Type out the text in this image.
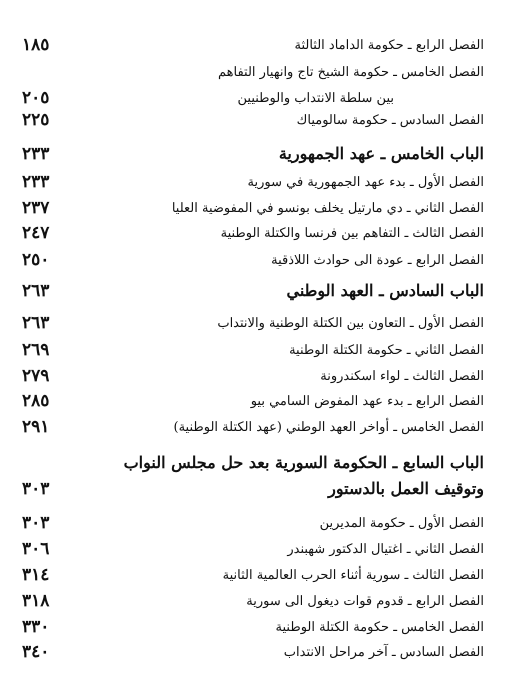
الفصل الرابع ـ حكومة الداماد الثالثة
١٨٥
الفصل الخامس ـ حكومة الشيخ تاج وانهيار التفاهم
بين سلطة الانتداب والوطنيين
٢٠٥
الفصل السادس ـ حكومة سالومياك
٢٢٥
الباب الخامس ـ عهد الجمهورية
٢٣٣
الفصل الأول ـ بدء عهد الجمهورية في سورية
٢٣٣
الفصل الثاني ـ دي مارتيل يخلف بونسو في المفوضية العليا
٢٣٧
الفصل الثالث ـ التفاهم بين فرنسا والكتلة الوطنية
٢٤٧
الفصل الرابع ـ عودة الى حوادث اللاذقية
٢٥٠
الباب السادس ـ العهد الوطني
٢٦٣
الفصل الأول ـ التعاون بين الكتلة الوطنية والانتداب
٢٦٣
الفصل الثاني ـ حكومة الكتلة الوطنية
٢٦٩
الفصل الثالث ـ لواء اسكندرونة
٢٧٩
الفصل الرابع ـ بدء عهد المفوض السامي بيو
٢٨٥
الفصل الخامس ـ أواخر العهد الوطني (عهد الكتلة الوطنية)
٢٩١
الباب السابع ـ الحكومة السورية بعد حل مجلس النواب
وتوقيف العمل بالدستور
٣٠٣
الفصل الأول ـ حكومة المديرين
٣٠٣
الفصل الثاني ـ اغتيال الدكتور شهبندر
٣٠٦
الفصل الثالث ـ سورية أثناء الحرب العالمية الثانية
٣١٤
الفصل الرابع ـ قدوم قوات ديغول الى سورية
٣١٨
الفصل الخامس ـ حكومة الكتلة الوطنية
٣٣٠
الفصل السادس ـ آخر مراحل الانتداب
٣٤٠
